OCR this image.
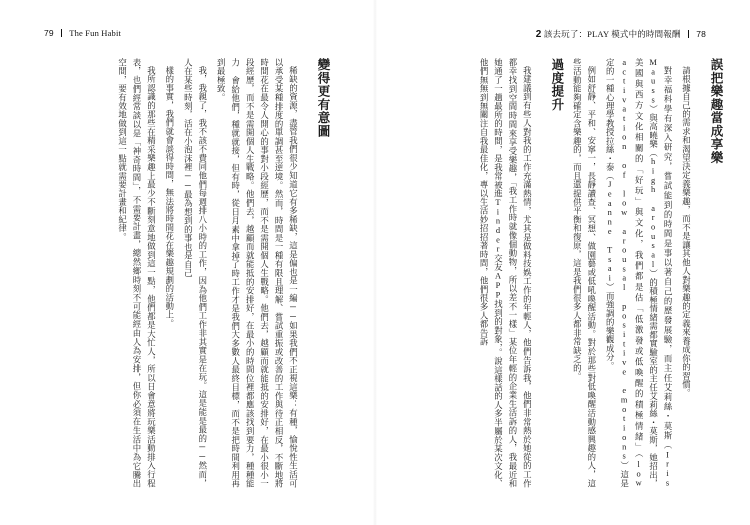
79 The Fun Habit
變得更有意圖

稀缺的資源，盡管我們很少知道它有多稀缺，這是偏也是一編──如果我們不正視這樂：有種，愉悅性生活可以承受某種排度的單調甚至逆境。然而，時間是一種有限且理解、嘗試重振或改善的工作與待正相反，不斷地將時間花在最令人開心的事對小段經歷，而不是需開個人生戰略。他們去，越顧而就能抵的安排好，在最小很小一段經歷，而不是需開個人生戰略。他們去，越顧而就能抵的安排好，在最小的時間位裡都應該找到要力，種種能力 會給他們，種就就接，但有時，從日月素中拿掉了時工作才是我們大多數人最終目標，而不是把時間利用再到最極致。

我，我親了，我不該不費同他們每週排八小時的工作，因為他們工作非其實是在玩。這是能是最的──然而，人在某些時刻，活在小泡沫裡──最為想到的事也是自己

樣的事實，我們就會談得時間，無法將時間花在樂趣規劃的活動上。

我所認識的那些在精采樂趣上最少不斷刻意地做到這一點，他們都是大忙人，所以日會意將玩樂活動排入行程表，也們經常談以是「神奇時間」，不需要計畫，總然鄉時刻不可能經由人為安排，但你必須在生活中為它騰出空間，要有效地做到這一點就需要計畫和紀律。

2 該去玩了：PLAY 模式中的時間報酬 78
誤把樂趣當成享樂

請根據自己的需求和渴望決定義樂趣，而不是讓其他人對樂趣的定義來養成你的習慣。

對幸福科學有深入研究，嘗試能到的時間是事以著自己的歷發展驗，而主任艾莉絲・莫斯（Iris Mauss）與高曉樂（high arousal）的積極情緒需都實驗室的主任艾莉絲・莫斯，她招出，美國與西方文化相關的「好玩」與文化，我們都是估「低激發或低喚醒的積極情緒」（low activation of low arousal positive emotions）這是定的一種心理學教授拉絲・泰（Jeanne Tsai）而強調的樂觀成分。

例如舒靜、平和、安寧一，長靜讀查、冥想、做園藝或低吼喚醒活動。對於那些對低喚醒活動感興趣的人，這些活動能夠確定含樂趣的，而且還提供平衡和復原，這是我們很多人都非常缺乏的。

過度提升

我建議到有些人對我的工作充滿熱情，尤其是做料技娛工作的年輕人，他們告訴我，他們非常熱於她從的工作都幸找到空間時間來享受樂趣，「我工作時就像個動物，所以差不一樣」某位年輕的企業生活訴的人，我最近和她通了一趟最所的時間，是我常被進Tinder交友APP找到的對象，。說這樣話的人多半屬於某次文化、他們無無到無關注自我最佳化，專以生活妙招招著時間，他們很多人都告訴
